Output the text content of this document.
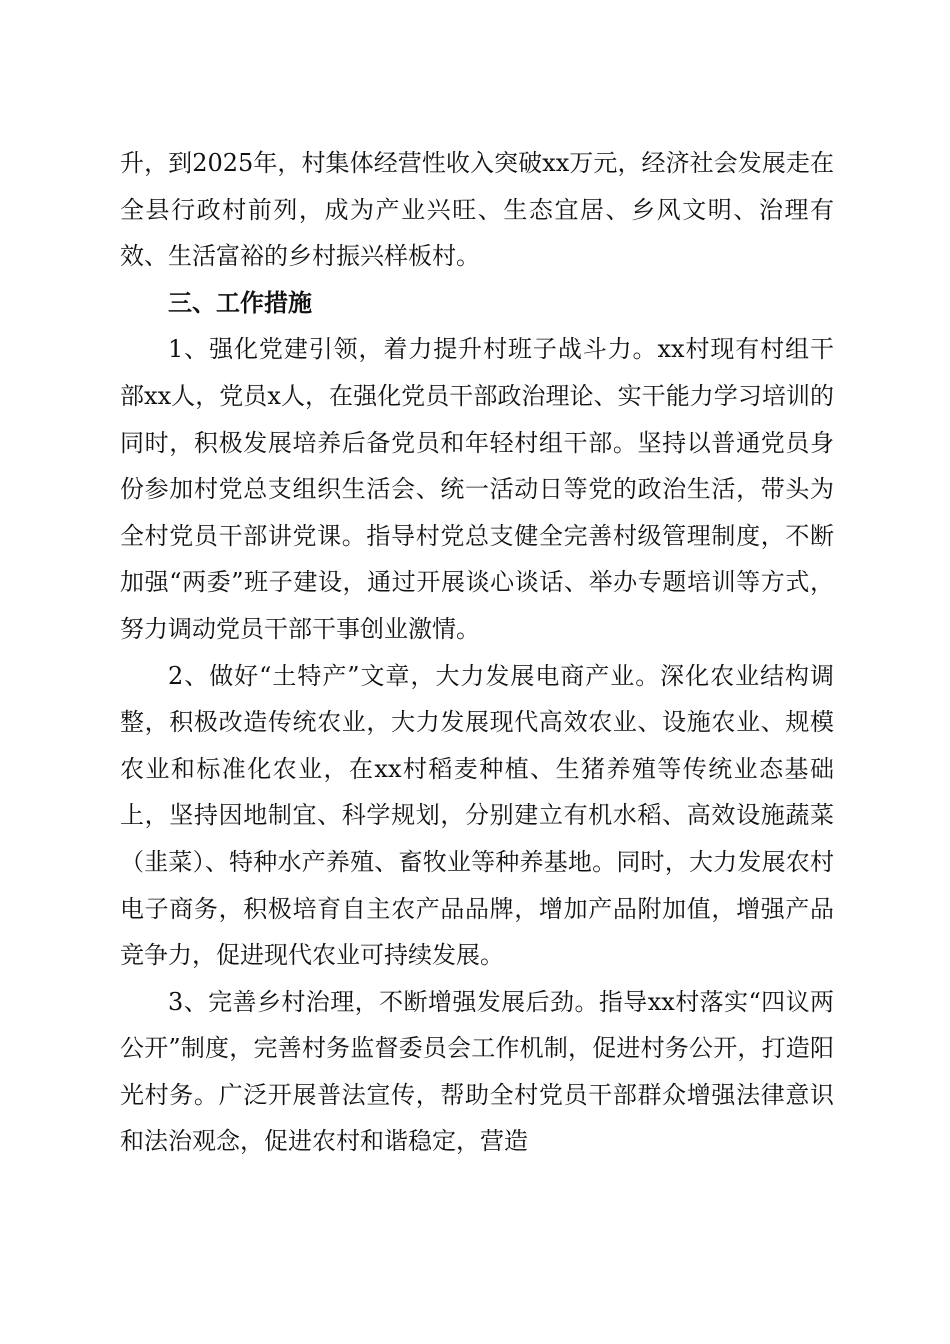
升，到2025年，村集体经营性收入突破xx万元，经济社会发展走在全县行政村前列，成为产业兴旺、生态宜居、乡风文明、治理有效、生活富裕的乡村振兴样板村。

三、工作措施

1、强化党建引领，着力提升村班子战斗力。xx村现有村组干部xx人，党员x人，在强化党员干部政治理论、实干能力学习培训的同时，积极发展培养后备党员和年轻村组干部。坚持以普通党员身份参加村党总支组织生活会、统一活动日等党的政治生活，带头为全村党员干部讲党课。指导村党总支健全完善村级管理制度，不断加强“两委”班子建设，通过开展谈心谈话、举办专题培训等方式，努力调动党员干部干事创业激情。

2、做好“土特产”文章，大力发展电商产业。深化农业结构调整，积极改造传统农业，大力发展现代高效农业、设施农业、规模农业和标准化农业，在xx村稻麦种植、生猪养殖等传统业态基础上，坚持因地制宜、科学规划，分别建立有机水稻、高效设施蔬菜（韭菜）、特种水产养殖、畜牧业等种养基地。同时，大力发展农村电子商务，积极培育自主农产品品牌，增加产品附加值，增强产品竞争力，促进现代农业可持续发展。

3、完善乡村治理，不断增强发展后劲。指导xx村落实“四议两公开”制度，完善村务监督委员会工作机制，促进村务公开，打造阳光村务。广泛开展普法宣传，帮助全村党员干部群众增强法律意识和法治观念，促进农村和谐稳定，营造
